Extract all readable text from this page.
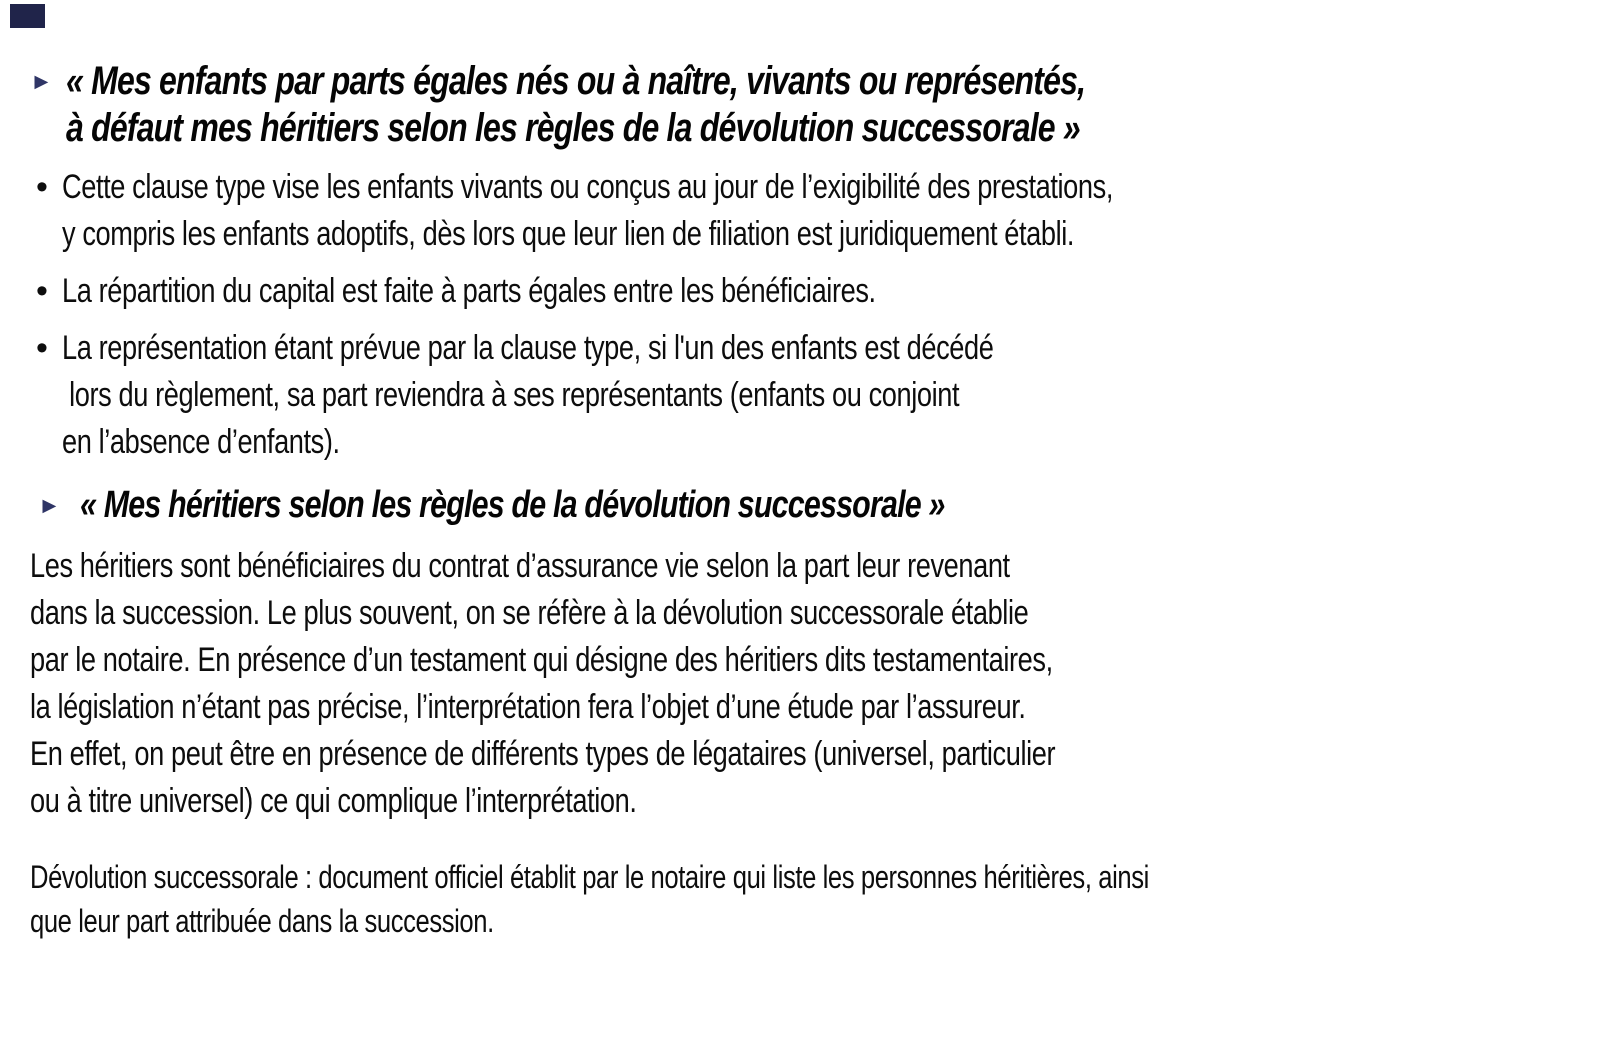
► « Mes enfants par parts égales nés ou à naître, vivants ou représentés,
à défaut mes héritiers selon les règles de la dévolution successorale »
• Cette clause type vise les enfants vivants ou conçus au jour de l’exigibilité des prestations,
y compris les enfants adoptifs, dès lors que leur lien de filiation est juridiquement établi.
• La répartition du capital est faite à parts égales entre les bénéficiaires.
• La représentation étant prévue par la clause type, si l'un des enfants est décédé
lors du règlement, sa part reviendra à ses représentants (enfants ou conjoint
en l’absence d’enfants).
► « Mes héritiers selon les règles de la dévolution successorale »
Les héritiers sont bénéficiaires du contrat d’assurance vie selon la part leur revenant
dans la succession. Le plus souvent, on se réfère à la dévolution successorale établie
par le notaire. En présence d’un testament qui désigne des héritiers dits testamentaires,
la législation n’étant pas précise, l’interprétation fera l’objet d’une étude par l’assureur.
En effet, on peut être en présence de différents types de légataires (universel, particulier
ou à titre universel) ce qui complique l’interprétation.
Dévolution successorale : document officiel établit par le notaire qui liste les personnes héritières, ainsi
que leur part attribuée dans la succession.
